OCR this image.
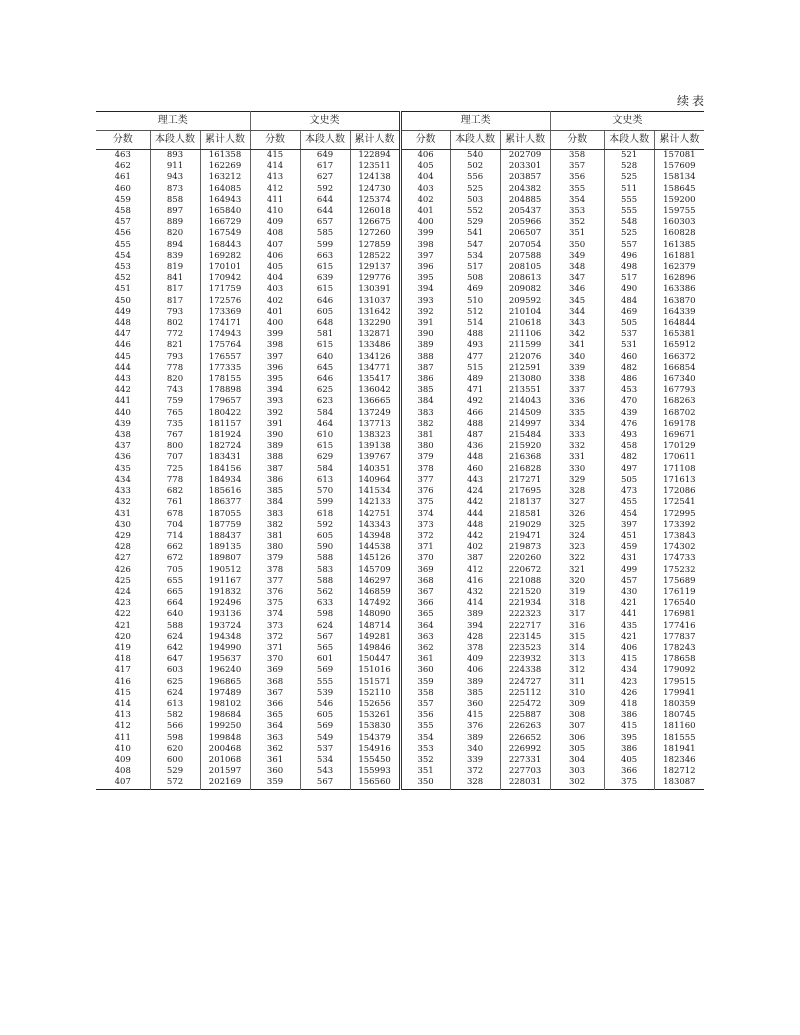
续表
理工类			文史类			理工类			文史类		
分数	本段人数	累计人数	分数	本段人数	累计人数	分数	本段人数	累计人数	分数	本段人数	累计人数
463	893	161358	415	649	122894	406	540	202709	358	521	157081
462	911	162269	414	617	123511	405	502	203301	357	528	157609
461	943	163212	413	627	124138	404	556	203857	356	525	158134
460	873	164085	412	592	124730	403	525	204382	355	511	158645
459	858	164943	411	644	125374	402	503	204885	354	555	159200
458	897	165840	410	644	126018	401	552	205437	353	555	159755
457	889	166729	409	657	126675	400	529	205966	352	548	160303
456	820	167549	408	585	127260	399	541	206507	351	525	160828
455	894	168443	407	599	127859	398	547	207054	350	557	161385
454	839	169282	406	663	128522	397	534	207588	349	496	161881
453	819	170101	405	615	129137	396	517	208105	348	498	162379
452	841	170942	404	639	129776	395	508	208613	347	517	162896
451	817	171759	403	615	130391	394	469	209082	346	490	163386
450	817	172576	402	646	131037	393	510	209592	345	484	163870
449	793	173369	401	605	131642	392	512	210104	344	469	164339
448	802	174171	400	648	132290	391	514	210618	343	505	164844
447	772	174943	399	581	132871	390	488	211106	342	537	165381
446	821	175764	398	615	133486	389	493	211599	341	531	165912
445	793	176557	397	640	134126	388	477	212076	340	460	166372
444	778	177335	396	645	134771	387	515	212591	339	482	166854
443	820	178155	395	646	135417	386	489	213080	338	486	167340
442	743	178898	394	625	136042	385	471	213551	337	453	167793
441	759	179657	393	623	136665	384	492	214043	336	470	168263
440	765	180422	392	584	137249	383	466	214509	335	439	168702
439	735	181157	391	464	137713	382	488	214997	334	476	169178
438	767	181924	390	610	138323	381	487	215484	333	493	169671
437	800	182724	389	615	139138	380	436	215920	332	458	170129
436	707	183431	388	629	139767	379	448	216368	331	482	170611
435	725	184156	387	584	140351	378	460	216828	330	497	171108
434	778	184934	386	613	140964	377	443	217271	329	505	171613
433	682	185616	385	570	141534	376	424	217695	328	473	172086
432	761	186377	384	599	142133	375	442	218137	327	455	172541
431	678	187055	383	618	142751	374	444	218581	326	454	172995
430	704	187759	382	592	143343	373	448	219029	325	397	173392
429	714	188437	381	605	143948	372	442	219471	324	451	173843
428	662	189135	380	590	144538	371	402	219873	323	459	174302
427	672	189807	379	588	145126	370	387	220260	322	431	174733
426	705	190512	378	583	145709	369	412	220672	321	499	175232
425	655	191167	377	588	146297	368	416	221088	320	457	175689
424	665	191832	376	562	146859	367	432	221520	319	430	176119
423	664	192496	375	633	147492	366	414	221934	318	421	176540
422	640	193136	374	598	148090	365	389	222323	317	441	176981
421	588	193724	373	624	148714	364	394	222717	316	435	177416
420	624	194348	372	567	149281	363	428	223145	315	421	177837
419	642	194990	371	565	149846	362	378	223523	314	406	178243
418	647	195637	370	601	150447	361	409	223932	313	415	178658
417	603	196240	369	569	151016	360	406	224338	312	434	179092
416	625	196865	368	555	151571	359	389	224727	311	423	179515
415	624	197489	367	539	152110	358	385	225112	310	426	179941
414	613	198102	366	546	152656	357	360	225472	309	418	180359
413	582	198684	365	605	153261	356	415	225887	308	386	180745
412	566	199250	364	569	153830	355	376	226263	307	415	181160
411	598	199848	363	549	154379	354	389	226652	306	395	181555
410	620	200468	362	537	154916	353	340	226992	305	386	181941
409	600	201068	361	534	155450	352	339	227331	304	405	182346
408	529	201597	360	543	155993	351	372	227703	303	366	182712
407	572	202169	359	567	156560	350	328	228031	302	375	183087
